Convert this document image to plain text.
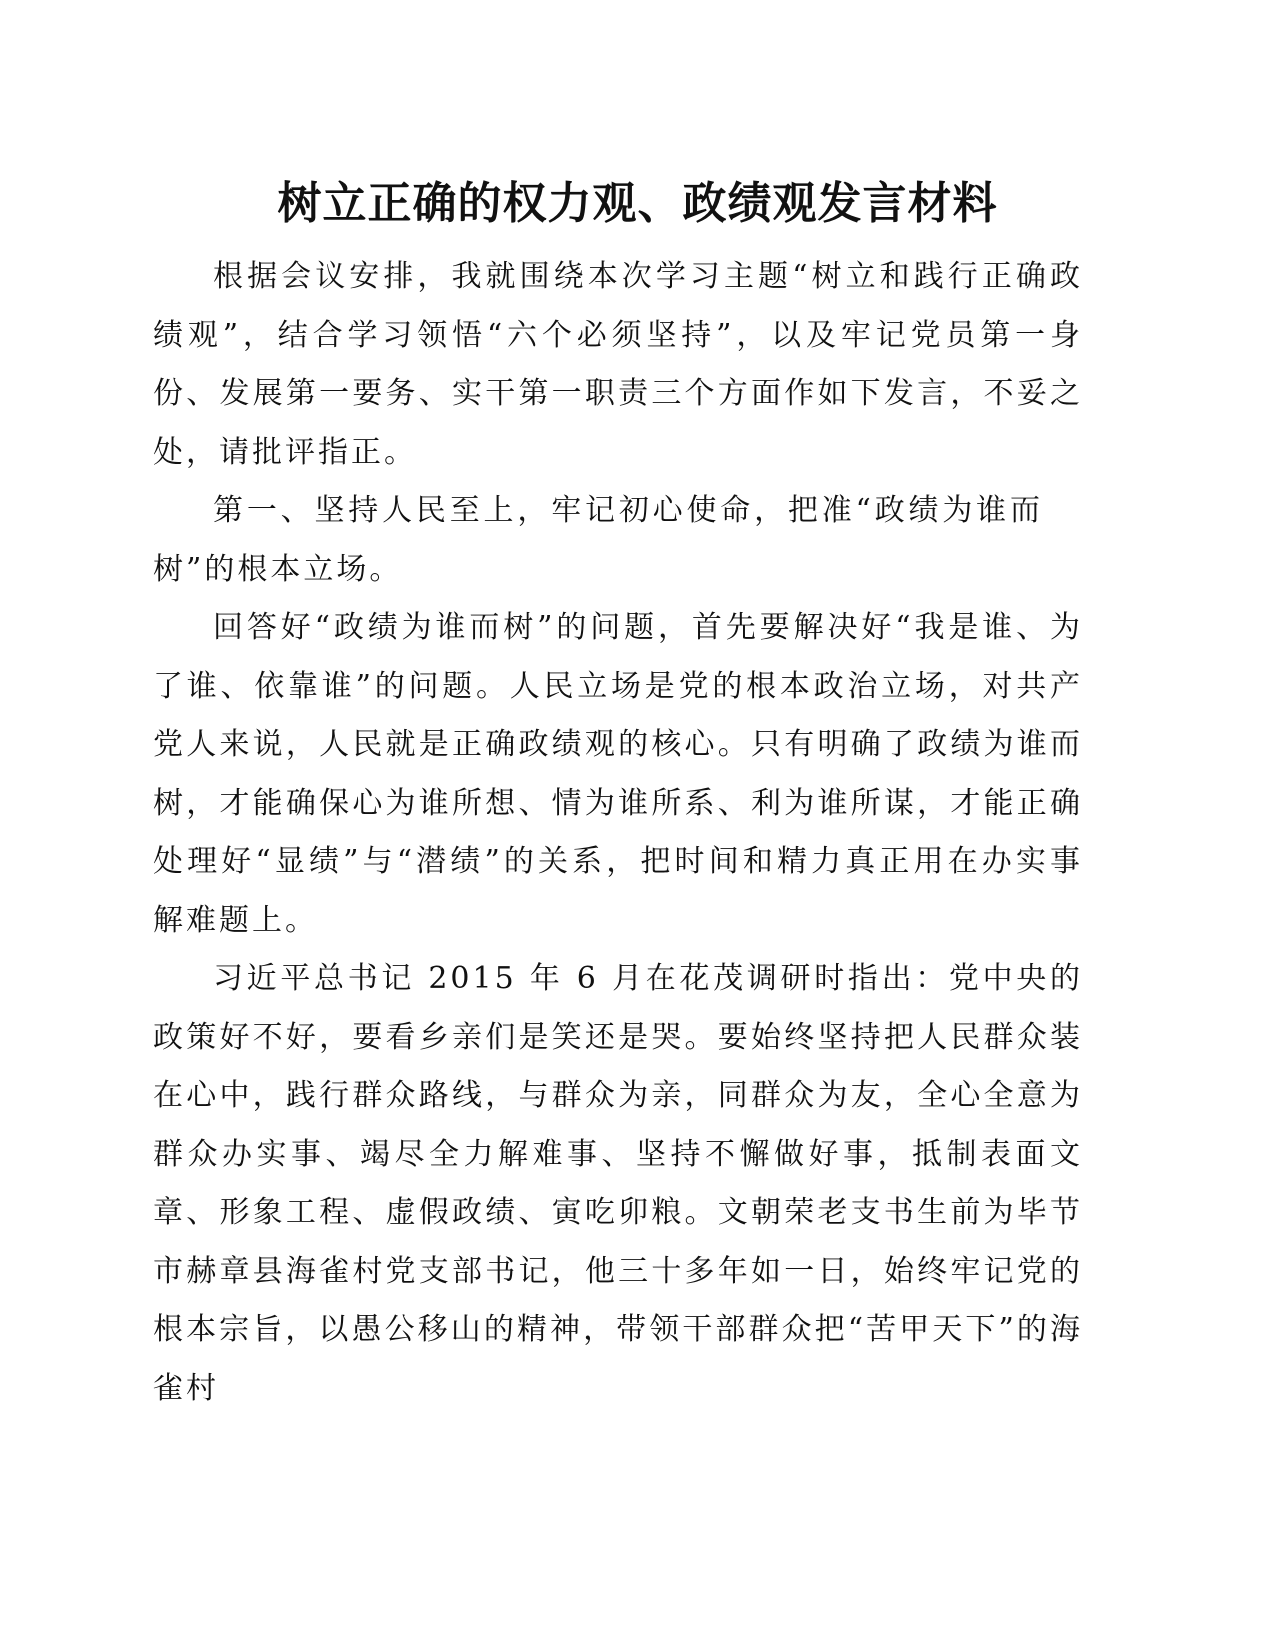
树立正确的权力观、政绩观发言材料

根据会议安排，我就围绕本次学习主题“树立和践行正确政绩观”，结合学习领悟“六个必须坚持”，以及牢记党员第一身份、发展第一要务、实干第一职责三个方面作如下发言，不妥之处，请批评指正。

第一、坚持人民至上，牢记初心使命，把准“政绩为谁而树”的根本立场。

回答好“政绩为谁而树”的问题，首先要解决好“我是谁、为了谁、依靠谁”的问题。人民立场是党的根本政治立场，对共产党人来说，人民就是正确政绩观的核心。只有明确了政绩为谁而树，才能确保心为谁所想、情为谁所系、利为谁所谋，才能正确处理好“显绩”与“潜绩”的关系，把时间和精力真正用在办实事解难题上。

习近平总书记 2015 年 6 月在花茂调研时指出：党中央的政策好不好，要看乡亲们是笑还是哭。要始终坚持把人民群众装在心中，践行群众路线，与群众为亲，同群众为友，全心全意为群众办实事、竭尽全力解难事、坚持不懈做好事，抵制表面文章、形象工程、虚假政绩、寅吃卯粮。文朝荣老支书生前为毕节市赫章县海雀村党支部书记，他三十多年如一日，始终牢记党的根本宗旨，以愚公移山的精神，带领干部群众把“苦甲天下”的海雀村
